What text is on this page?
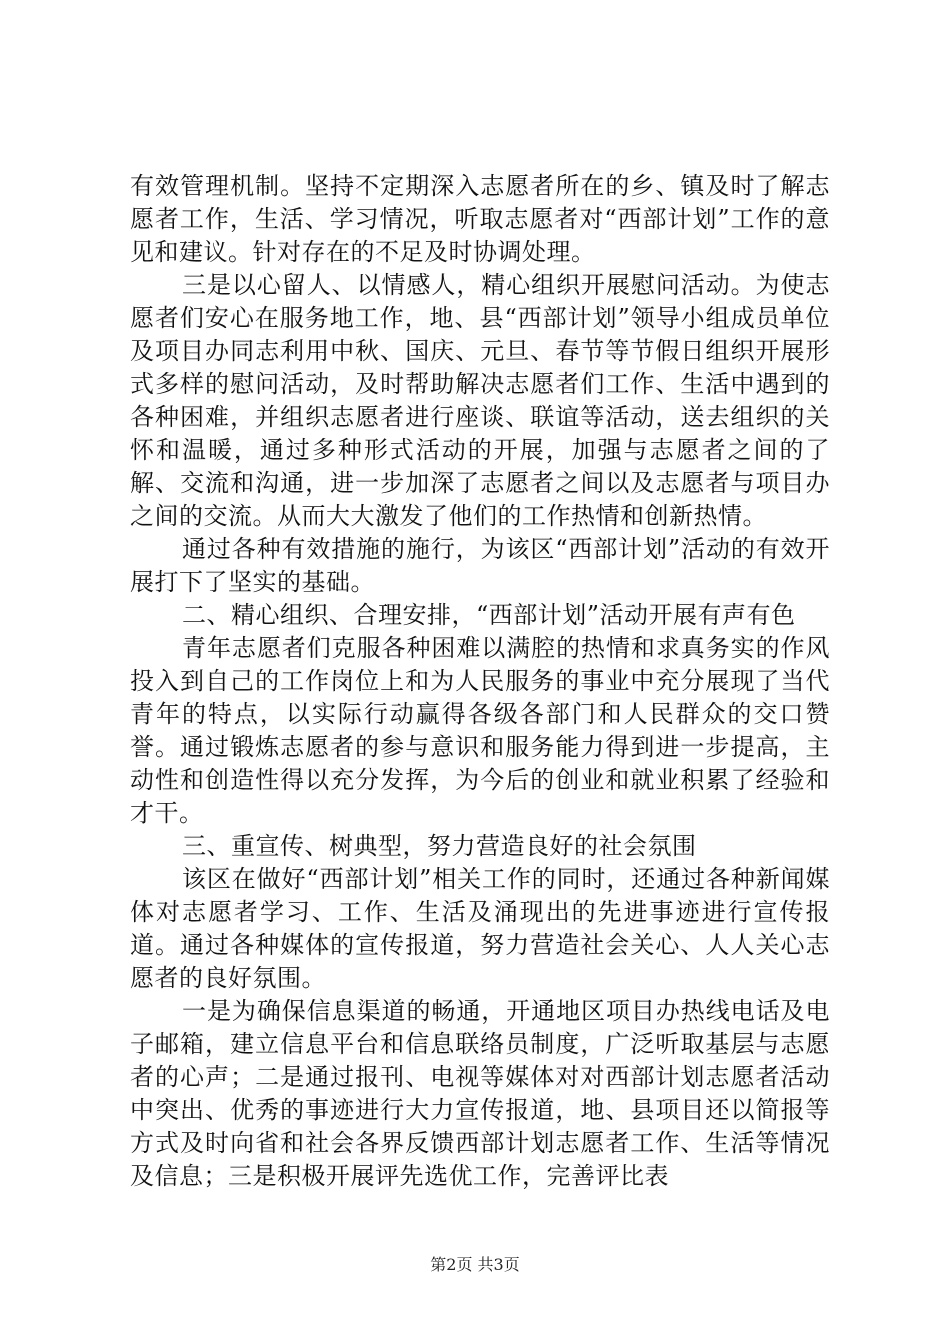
有效管理机制。坚持不定期深入志愿者所在的乡、镇及时了解志愿者工作，生活、学习情况，听取志愿者对“西部计划”工作的意见和建议。针对存在的不足及时协调处理。

三是以心留人、以情感人，精心组织开展慰问活动。为使志愿者们安心在服务地工作，地、县“西部计划”领导小组成员单位及项目办同志利用中秋、国庆、元旦、春节等节假日组织开展形式多样的慰问活动，及时帮助解决志愿者们工作、生活中遇到的各种困难，并组织志愿者进行座谈、联谊等活动，送去组织的关怀和温暖，通过多种形式活动的开展，加强与志愿者之间的了解、交流和沟通，进一步加深了志愿者之间以及志愿者与项目办之间的交流。从而大大激发了他们的工作热情和创新热情。

通过各种有效措施的施行，为该区“西部计划”活动的有效开展打下了坚实的基础。

二、精心组织、合理安排，“西部计划”活动开展有声有色

青年志愿者们克服各种困难以满腔的热情和求真务实的作风投入到自己的工作岗位上和为人民服务的事业中充分展现了当代青年的特点，以实际行动赢得各级各部门和人民群众的交口赞誉。通过锻炼志愿者的参与意识和服务能力得到进一步提高，主动性和创造性得以充分发挥，为今后的创业和就业积累了经验和才干。

三、重宣传、树典型，努力营造良好的社会氛围

该区在做好“西部计划”相关工作的同时，还通过各种新闻媒体对志愿者学习、工作、生活及涌现出的先进事迹进行宣传报道。通过各种媒体的宣传报道，努力营造社会关心、人人关心志愿者的良好氛围。

一是为确保信息渠道的畅通，开通地区项目办热线电话及电子邮箱，建立信息平台和信息联络员制度，广泛听取基层与志愿者的心声；二是通过报刊、电视等媒体对对西部计划志愿者活动中突出、优秀的事迹进行大力宣传报道，地、县项目还以简报等方式及时向省和社会各界反馈西部计划志愿者工作、生活等情况及信息；三是积极开展评先选优工作，完善评比表

第2页 共3页
